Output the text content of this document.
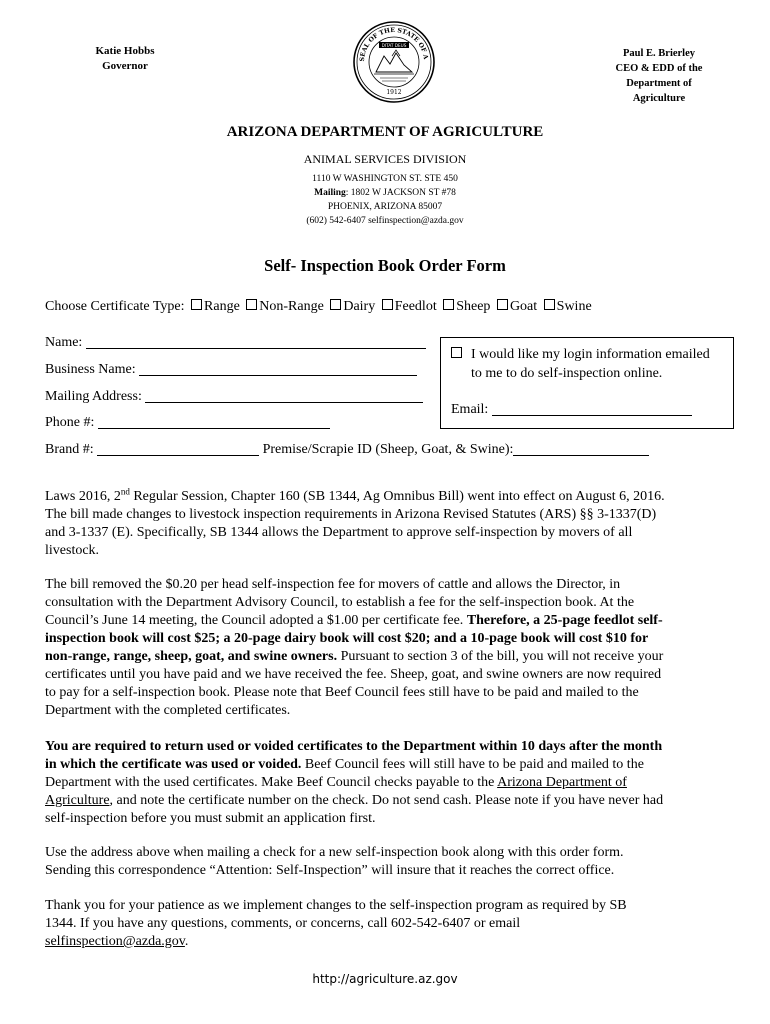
Katie Hobbs
Governor
SEAL OF THE STATE OF A
DITAT DEUS
1912
Paul E. Brierley
CEO & EDD of the
Department of
Agriculture
ARIZONA DEPARTMENT OF AGRICULTURE
ANIMAL SERVICES DIVISION
1110 W WASHINGTON ST. STE 450
Mailing: 1802 W JACKSON ST #78
PHOENIX, ARIZONA 85007
(602) 542-6407 selfinspection@azda.gov
Self- Inspection Book Order Form
Choose Certificate Type: Range Non-Range Dairy Feedlot Sheep Goat Swine
Name:
Business Name:
Mailing Address:
Phone #:
I would like my login information emailed
to me to do self-inspection online.
Email:
Brand #:	Premise/Scrapie ID (Sheep, Goat, & Swine):
Laws 2016, 2nd Regular Session, Chapter 160 (SB 1344, Ag Omnibus Bill) went into effect on August 6, 2016.
The bill made changes to livestock inspection requirements in Arizona Revised Statutes (ARS) §§ 3-1337(D)
and 3-1337 (E). Specifically, SB 1344 allows the Department to approve self-inspection by movers of all
livestock.
The bill removed the $0.20 per head self-inspection fee for movers of cattle and allows the Director, in
consultation with the Department Advisory Council, to establish a fee for the self-inspection book. At the
Council’s June 14 meeting, the Council adopted a $1.00 per certificate fee. Therefore, a 25-page feedlot self-
inspection book will cost $25; a 20-page dairy book will cost $20; and a 10-page book will cost $10 for
non-range, range, sheep, goat, and swine owners. Pursuant to section 3 of the bill, you will not receive your
certificates until you have paid and we have received the fee. Sheep, goat, and swine owners are now required
to pay for a self-inspection book. Please note that Beef Council fees still have to be paid and mailed to the
Department with the completed certificates.
You are required to return used or voided certificates to the Department within 10 days after the month
in which the certificate was used or voided. Beef Council fees will still have to be paid and mailed to the
Department with the used certificates. Make Beef Council checks payable to the Arizona Department of
Agriculture, and note the certificate number on the check. Do not send cash. Please note if you have never had
self-inspection before you must submit an application first.
Use the address above when mailing a check for a new self-inspection book along with this order form.
Sending this correspondence “Attention: Self-Inspection” will insure that it reaches the correct office.
Thank you for your patience as we implement changes to the self-inspection program as required by SB
1344. If you have any questions, comments, or concerns, call 602-542-6407 or email
selfinspection@azda.gov.
http://agriculture.az.gov
